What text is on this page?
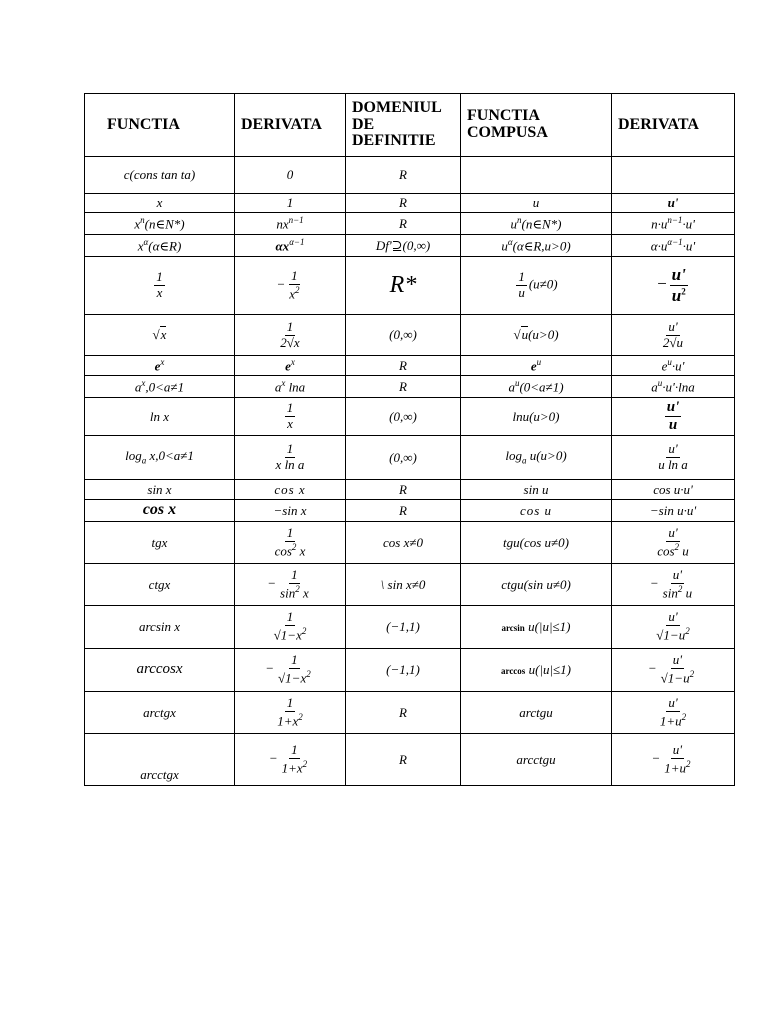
FUNCTIA	DERIVATA	DOMENIUL DE DEFINITIE	FUNCTIA COMPUSA	DERIVATA
c(cons tan ta)	0	R		
x	1	R	u	u'
$x^n(n\in N*)$	$nx^{n-1}$	R	$u^n(n\in N*)$	$n\cdot u^{n-1}\cdot u'$
$x^\alpha(\alpha\in R)$	$\alpha x^{\alpha-1}$	Df'⊇(0,∞)	$u^\alpha(\alpha\in R,u>0)$	$\alpha\cdot u^{\alpha-1}\cdot u'$

$\frac{1}{x}$	− $\frac{1}{x^2}$	R*	$\frac{1}{u} (u\ne 0)$	− $\frac{u'}{u^2}$

√x	$\frac{1}{2√x}$	(0,∞)	√u(u>0)	$\frac{u'}{2√u}$

$e^x$	$e^x$	R	$e^u$	$e^u\cdot u'$
$a^x,0<a\ne 1$	$a^x$ lna	R	$a^u(0<a\ne 1)$	$a^u\cdot u'\cdot\ln a$
ln x	$\frac{1}{x}$	(0,∞)	lnu(u>0)	$\frac{u'}{u}$

$\log_a x,0<a\ne 1$	$\frac{1}{\text{x ln a}}$	(0,∞)	$\log_a u(u>0)$	$\frac{u'}{\text{u ln a}}$

sin x	cos x	R	sin u	cos u·u'
cos x	−sin x	R	cos u	−sin u·u'
tgx	$\frac{1}{\cos^2 x}$	cos x≠0	tgu(cos u≠0)	$\frac{u'}{\cos^2 u}$

ctgx	− $\frac{1}{\sin^2 x}$	\ sin x≠0	ctgu(sin u≠0)	− $\frac{u'}{\sin^2 u}$

arcsin x	$\frac{1}{√1-x^2}$	(−1,1)	arcsin u(|u|≤1)	$\frac{u'}{√1-u^2}$

arccosx	− $\frac{1}{√1-x^2}$	(−1,1)	arccos u(|u|≤1)	− $\frac{u'}{√1-u^2}$

arctgx	$\frac{1}{1+x^2}$	R	arctgu	$\frac{u'}{1+u^2}$

arcctgx	− $\frac{1}{1+x^2}$	R	arcctgu	− $\frac{u'}{1+u^2}$
